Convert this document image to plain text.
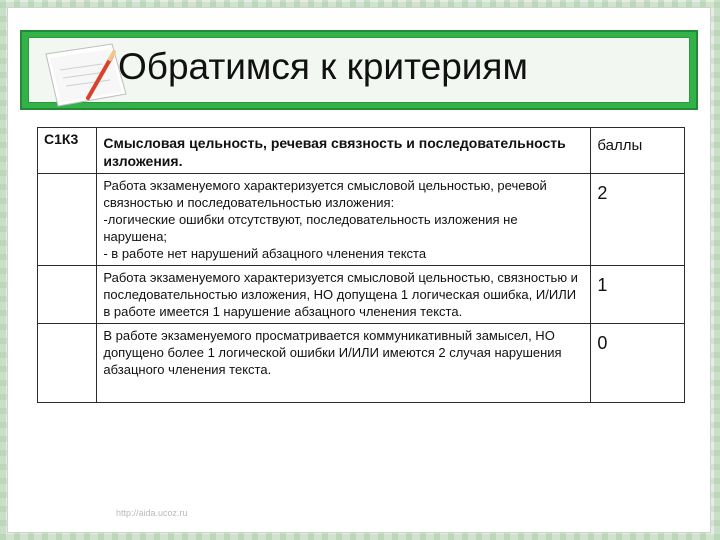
Обратимся к критериям
С1К3	Смысловая цельность, речевая связность и последовательность изложения.	баллы

	Работа экзаменуемого характеризуется смысловой цельностью, речевой связностью и последовательностью изложения:
-логические ошибки отсутствуют, последовательность изложения не нарушена;
- в работе нет нарушений абзацного членения текста	2

	Работа экзаменуемого характеризуется смысловой цельностью, связностью и последовательностью изложения, НО допущена 1 логическая ошибка, И/ИЛИ в работе имеется 1 нарушение абзацного членения текста.	1

	В работе экзаменуемого просматривается коммуникативный замысел, НО допущено более 1 логической ошибки И/ИЛИ имеются 2 случая нарушения абзацного членения текста.	0
http://aida.ucoz.ru
